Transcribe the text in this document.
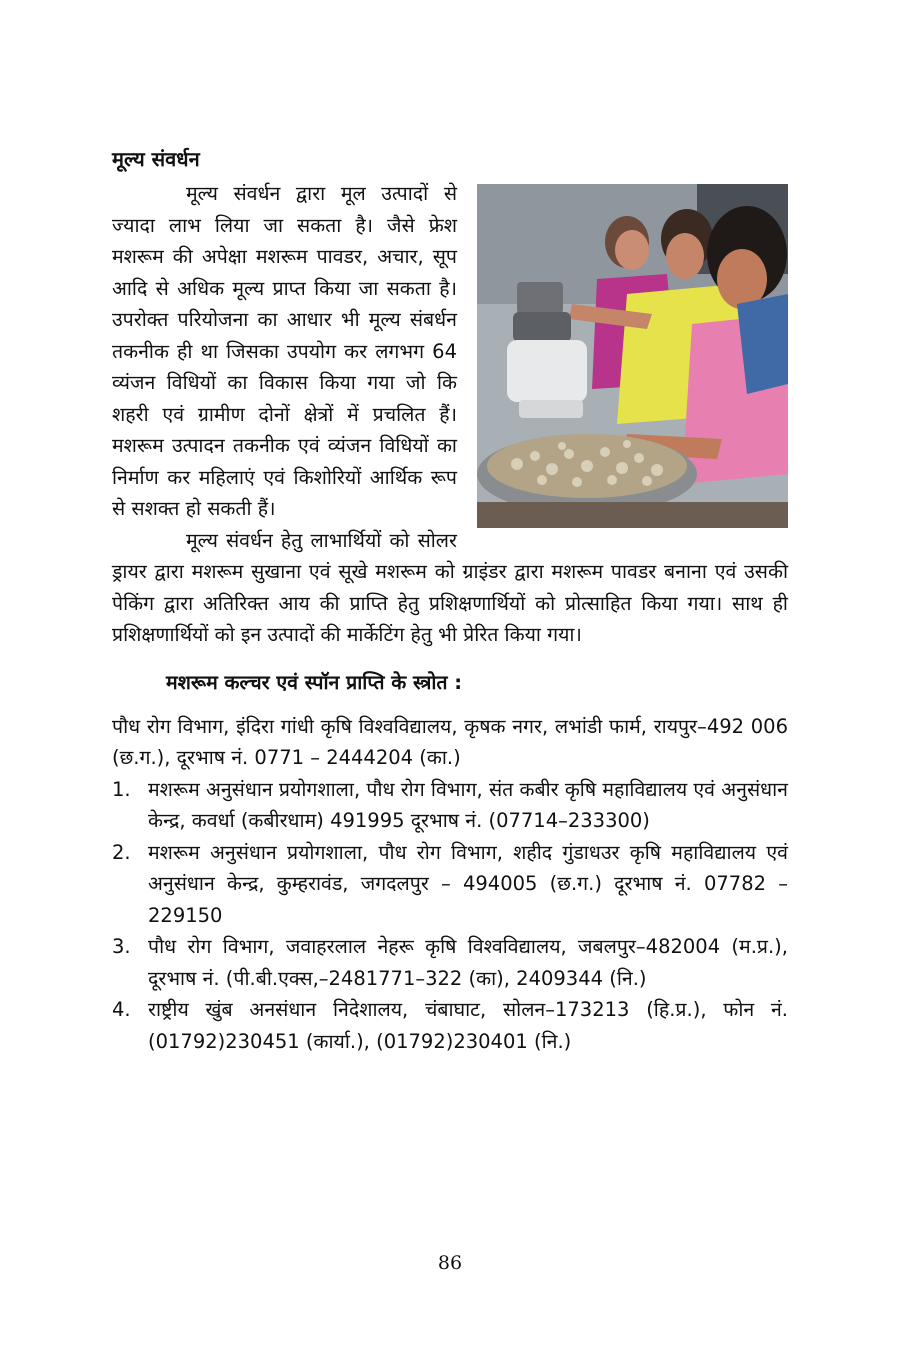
मूल्य संवर्धन

मूल्य संवर्धन द्वारा मूल उत्पादों से ज्यादा लाभ लिया जा सकता है। जैसे फ्रेश मशरूम की अपेक्षा मशरूम पावडर, अचार, सूप आदि से अधिक मूल्य प्राप्त किया जा सकता है। उपरोक्त परियोजना का आधार भी मूल्य संबर्धन तकनीक ही था जिसका उपयोग कर लगभग 64 व्यंजन विधियों का विकास किया गया जो कि शहरी एवं ग्रामीण दोनों क्षेत्रों में प्रचलित हैं। मशरूम उत्पादन तकनीक एवं व्यंजन विधियों का निर्माण कर महिलाएं एवं किशोरियों आर्थिक रूप से सशक्त हो सकती हैं।

मूल्य संवर्धन हेतु लाभार्थियों को सोलर ड्रायर द्वारा मशरूम सुखाना एवं सूखे मशरूम को ग्राइंडर द्वारा मशरूम पावडर बनाना एवं उसकी पेकिंग द्वारा अतिरिक्त आय की प्राप्ति हेतु प्रशिक्षणार्थियों को प्रोत्साहित किया गया। साथ ही प्रशिक्षणार्थियों को इन उत्पादों की मार्केटिंग हेतु भी प्रेरित किया गया।

मशरूम कल्चर एवं स्पॉन प्राप्ति के स्त्रोत :

पौध रोग विभाग, इंदिरा गांधी कृषि विश्वविद्यालय, कृषक नगर, लभांडी फार्म, रायपुर–492 006 (छ.ग.), दूरभाष नं. 0771 – 2444204 (का.)

1. मशरूम अनुसंधान प्रयोगशाला, पौध रोग विभाग, संत कबीर कृषि महाविद्यालय एवं अनुसंधान केन्द्र, कवर्धा (कबीरधाम) 491995 दूरभाष नं. (07714–233300)
2. मशरूम अनुसंधान प्रयोगशाला, पौध रोग विभाग, शहीद गुंडाधउर कृषि महाविद्यालय एवं अनुसंधान केन्द्र, कुम्हरावंड, जगदलपुर – 494005 (छ.ग.) दूरभाष नं. 07782 – 229150
3. पौध रोग विभाग, जवाहरलाल नेहरू कृषि विश्वविद्यालय, जबलपुर–482004 (म.प्र.), दूरभाष नं. (पी.बी.एक्स,–2481771–322 (का), 2409344 (नि.)
4. राष्ट्रीय खुंब अनसंधान निदेशालय, चंबाघाट, सोलन–173213 (हि.प्र.), फोन नं. (01792)230451 (कार्या.), (01792)230401 (नि.)
86
